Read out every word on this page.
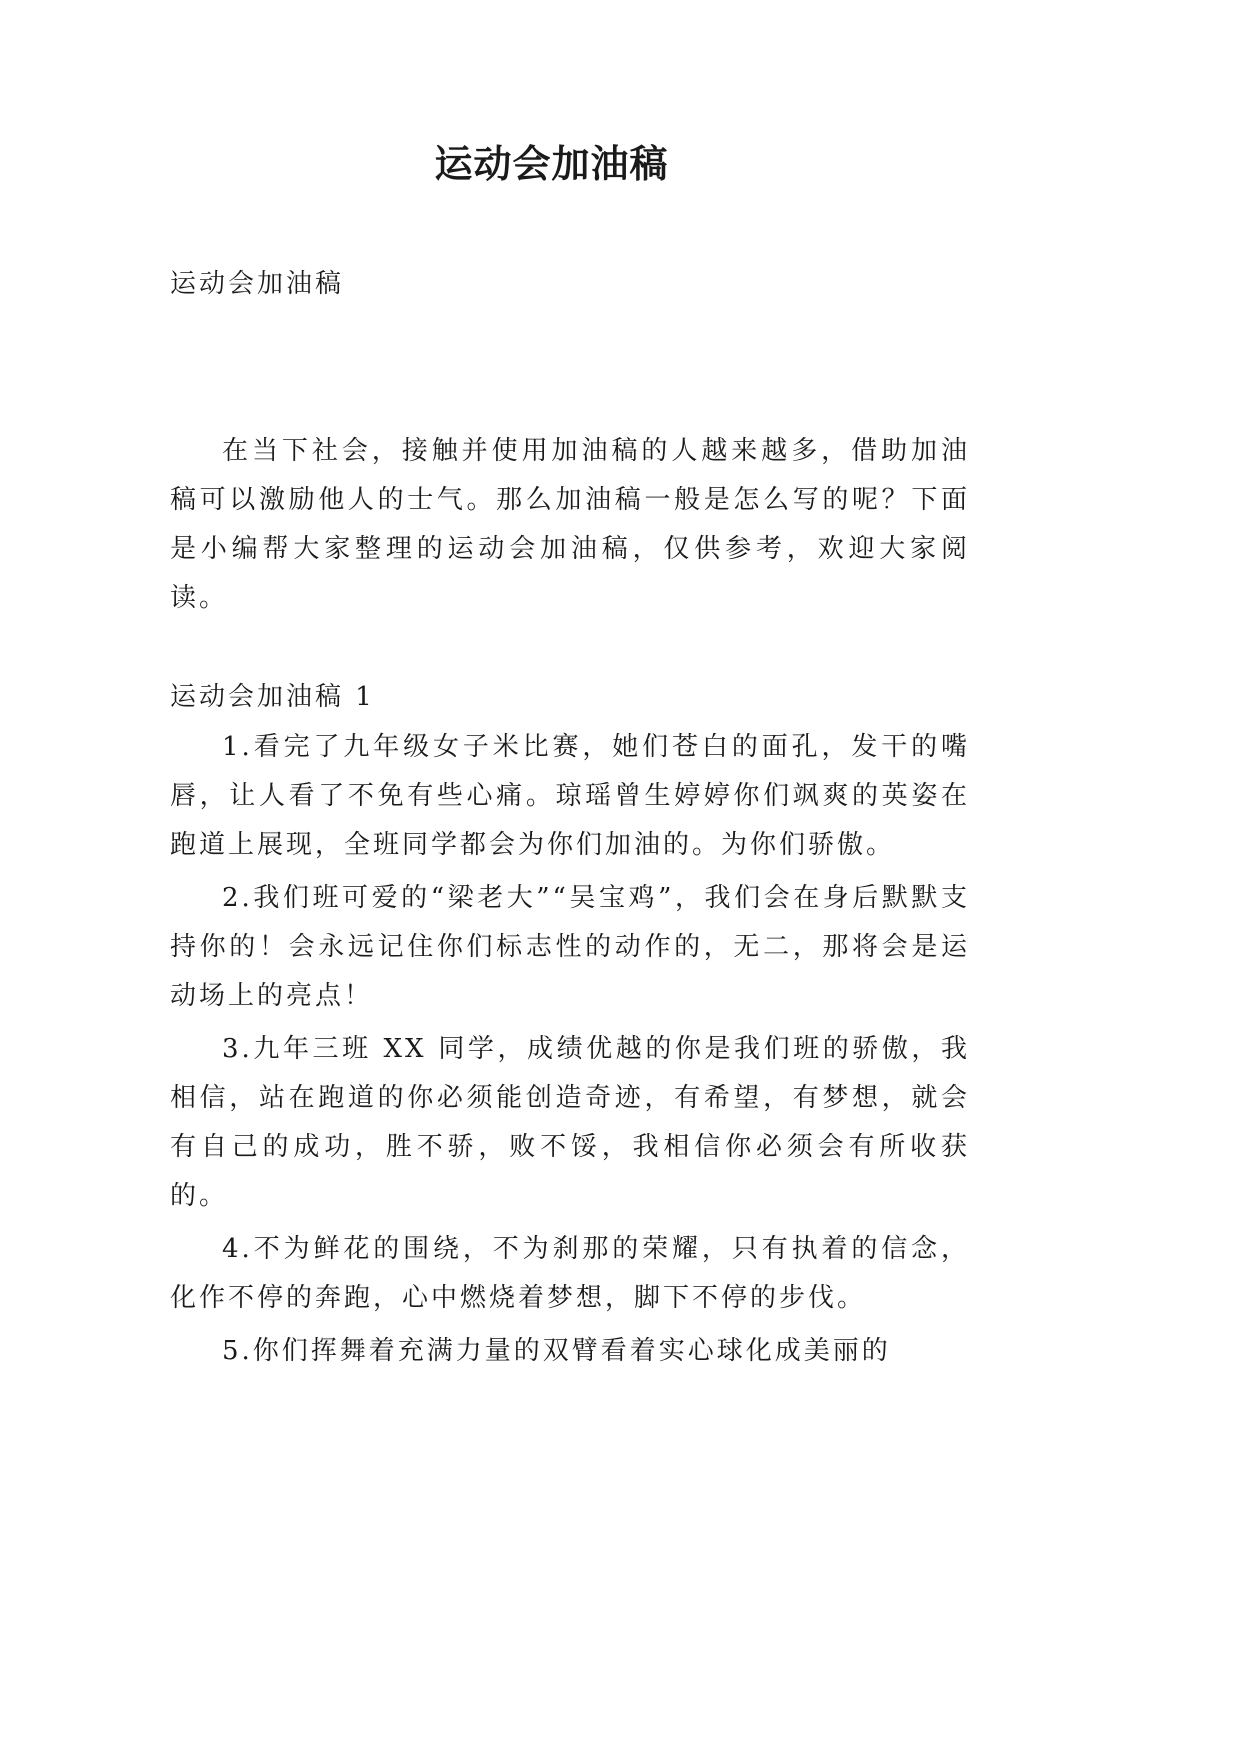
运动会加油稿

运动会加油稿

在当下社会，接触并使用加油稿的人越来越多，借助加油稿可以激励他人的士气。那么加油稿一般是怎么写的呢？下面是小编帮大家整理的运动会加油稿，仅供参考，欢迎大家阅读。

运动会加油稿 1

1.看完了九年级女子米比赛，她们苍白的面孔，发干的嘴唇，让人看了不免有些心痛。琼瑶曾生婷婷你们飒爽的英姿在跑道上展现，全班同学都会为你们加油的。为你们骄傲。

2.我们班可爱的“梁老大”“吴宝鸡”，我们会在身后默默支持你的！会永远记住你们标志性的动作的，无二，那将会是运动场上的亮点！

3.九年三班 XX 同学，成绩优越的你是我们班的骄傲，我相信，站在跑道的你必须能创造奇迹，有希望，有梦想，就会有自己的成功，胜不骄，败不馁，我相信你必须会有所收获的。

4.不为鲜花的围绕，不为刹那的荣耀，只有执着的信念，化作不停的奔跑，心中燃烧着梦想，脚下不停的步伐。

5.你们挥舞着充满力量的双臂看着实心球化成美丽的
